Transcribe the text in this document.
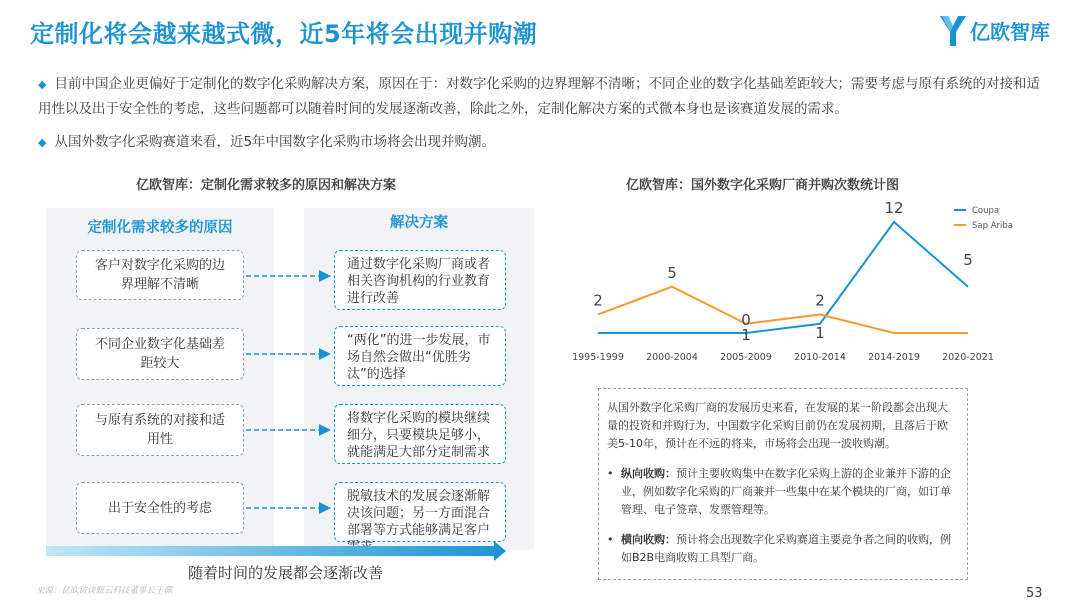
定制化将会越来越式微，近5年将会出现并购潮	亿欧智库
◆ 目前中国企业更偏好于定制化的数字化采购解决方案，原因在于：对数字化采购的边界理解不清晰；不同企业的数字化基础差距较大；需要考虑与原有系统的对接和适用性以及出于安全性的考虑，这些问题都可以随着时间的发展逐渐改善，除此之外，定制化解决方案的式微本身也是该赛道发展的需求。
◆ 从国外数字化采购赛道来看，近5年中国数字化采购市场将会出现并购潮。
亿欧智库：定制化需求较多的原因和解决方案
定制化需求较多的原因	解决方案
客户对数字化采购的边界理解不清晰
不同企业数字化基础差距较大
与原有系统的对接和适用性
出于安全性的考虑
通过数字化采购厂商或者相关咨询机构的行业教育进行改善
“两化”的进一步发展，市场自然会做出“优胜劣汰”的选择
将数字化采购的模块继续细分，只要模块足够小，就能满足大部分定制需求
脱敏技术的发展会逐渐解决该问题；另一方面混合部署等方式能够满足客户
随着时间的发展都会逐渐改善
亿欧智库：国外数字化采购厂商并购次数统计图
1
12
5
2
5
1
2
0
1995-1999 2000-2004 2005-2009 2010-2014 2014-2019 2020-2021
Coupa
Sap Ariba

从国外数字化采购厂商的发展历史来看，在发展的某一阶段都会出现大量的投资和并购行为，中国数字化采购目前仍在发展初期，且落后于欧美5-10年，预计在不远的将来，市场将会出现一波收购潮。

• 纵向收购：预计主要收购集中在数字化采购上游的企业兼并下游的企业，例如数字化采购的厂商兼并一些集中在某个模块的厂商，如订单管理、电子签章、发票管理等。
• 横向收购：预计将会出现数字化采购赛道主要竞争者之间的收购，例如B2B电商收购工具型厂商。
来源：亿欧访谈甄云科技董事长王佩	53
